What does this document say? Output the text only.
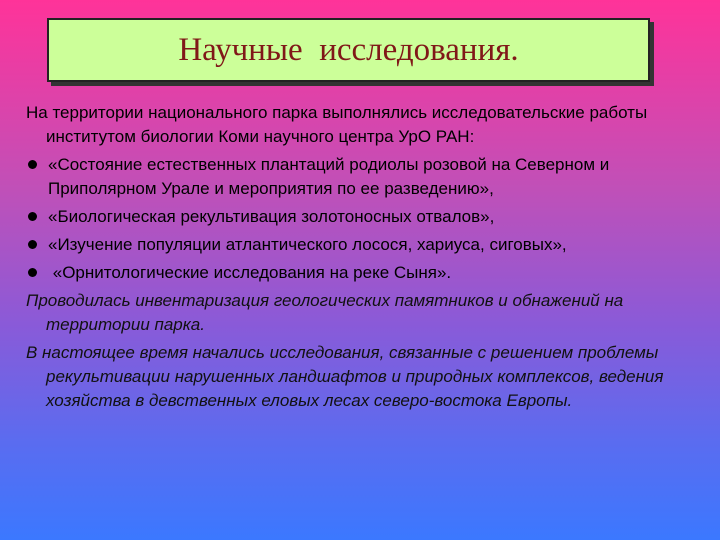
Научные  исследования.

На территории национального парка выполнялись исследовательские работы институтом биологии Коми научного центра УрО РАН:

«Состояние естественных плантаций родиолы розовой на Северном и Приполярном Урале и мероприятия по ее разведению»,
«Биологическая рекультивация золотоносных отвалов»,
«Изучение популяции атлантического лосося, хариуса, сиговых»,
«Орнитологические исследования на реке Сыня».

Проводилась инвентаризация геологических памятников и обнажений на территории парка.

В настоящее время начались исследования, связанные с решением проблемы рекультивации нарушенных ландшафтов и природных комплексов, ведения хозяйства в девственных еловых лесах северо-востока Европы.
